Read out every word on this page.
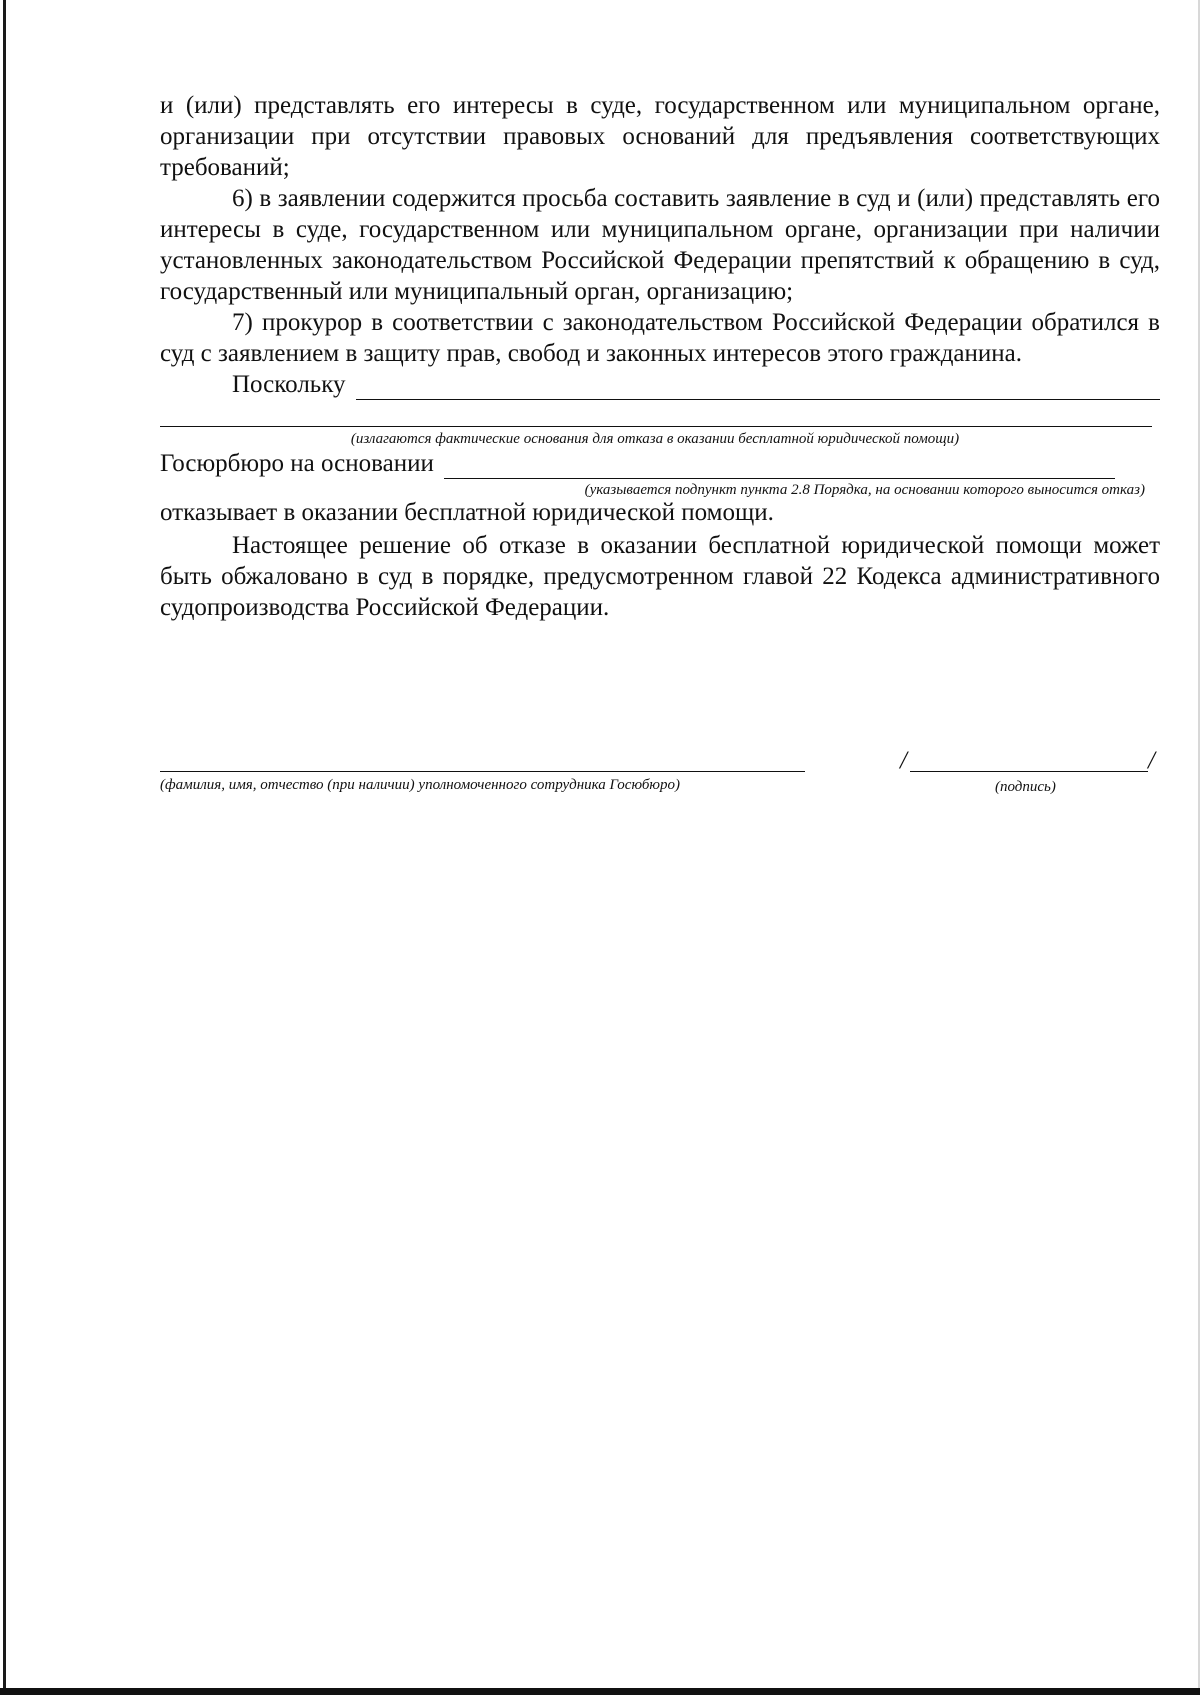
и (или) представлять его интересы в суде, государственном или муниципальном органе, организации при отсутствии правовых оснований для предъявления соответствующих требований;

6) в заявлении содержится просьба составить заявление в суд и (или) представлять его интересы в суде, государственном или муниципальном органе, организации при наличии установленных законодательством Российской Федерации препятствий к обращению в суд, государственный или муниципальный орган, организацию;

7) прокурор в соответствии с законодательством Российской Федерации обратился в суд с заявлением в защиту прав, свобод и законных интересов этого гражданина.

Поскольку
(излагаются фактические основания для отказа в оказании бесплатной юридической помощи)
Госюрбюро на основании
(указывается подпункт пункта 2.8 Порядка, на основании которого выносится отказ)

отказывает в оказании бесплатной юридической помощи.

Настоящее решение об отказе в оказании бесплатной юридической помощи может быть обжаловано в суд в порядке, предусмотренном главой 22 Кодекса административного судопроизводства Российской Федерации.

(фамилия, имя, отчество (при наличии) уполномоченного сотрудника Госюбюро)
/	/
(подпись)
